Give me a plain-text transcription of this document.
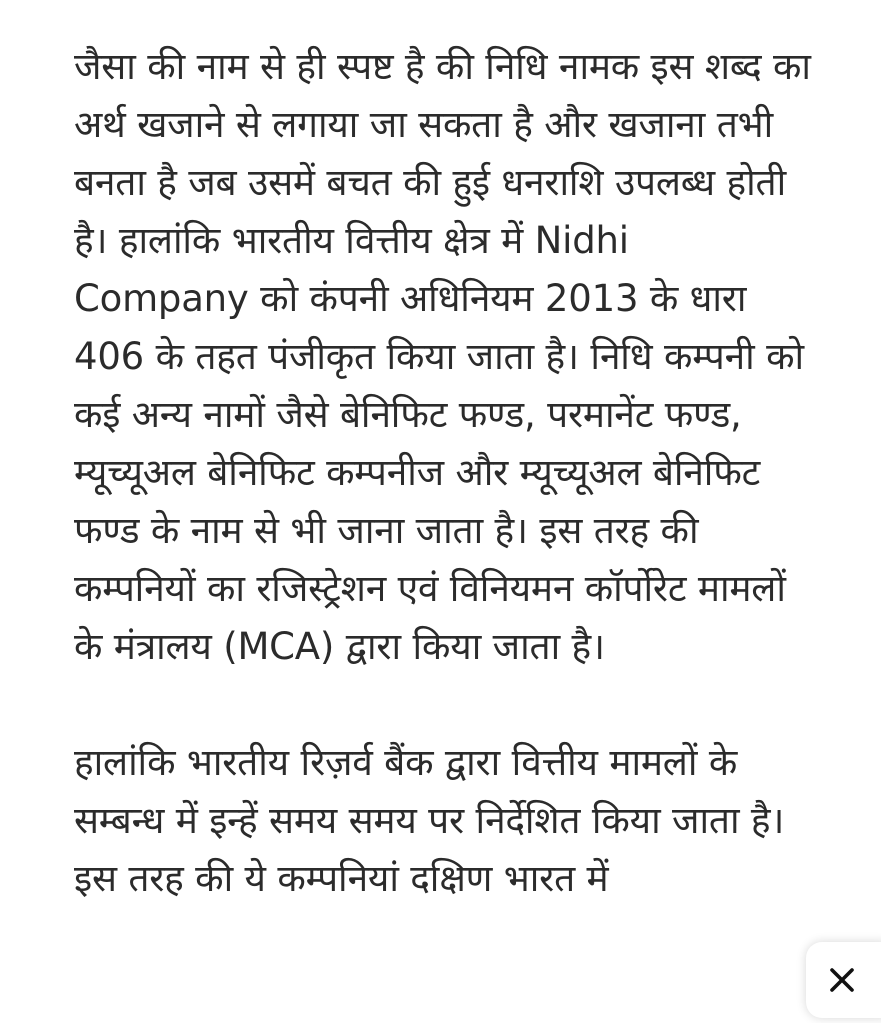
जैसा की नाम से ही स्पष्ट है की निधि नामक इस शब्द का अर्थ खजाने से लगाया जा सकता है और खजाना तभी बनता है जब उसमें बचत की हुई धनराशि उपलब्ध होती है। हालांकि भारतीय वित्तीय क्षेत्र में Nidhi Company को कंपनी अधिनियम 2013 के धारा 406 के तहत पंजीकृत किया जाता है। निधि कम्पनी को कई अन्य नामों जैसे बेनिफिट फण्ड, परमानेंट फण्ड, म्यूच्यूअल बेनिफिट कम्पनीज और म्यूच्यूअल बेनिफिट फण्ड के नाम से भी जाना जाता है। इस तरह की कम्पनियों का रजिस्ट्रेशन एवं विनियमन कॉर्पोरेट मामलों के मंत्रालय (MCA) द्वारा किया जाता है।

हालांकि भारतीय रिज़र्व बैंक द्वारा वित्तीय मामलों के सम्बन्ध में इन्हें समय समय पर निर्देशित किया जाता है। इस तरह की ये कम्पनियां दक्षिण भारत में
